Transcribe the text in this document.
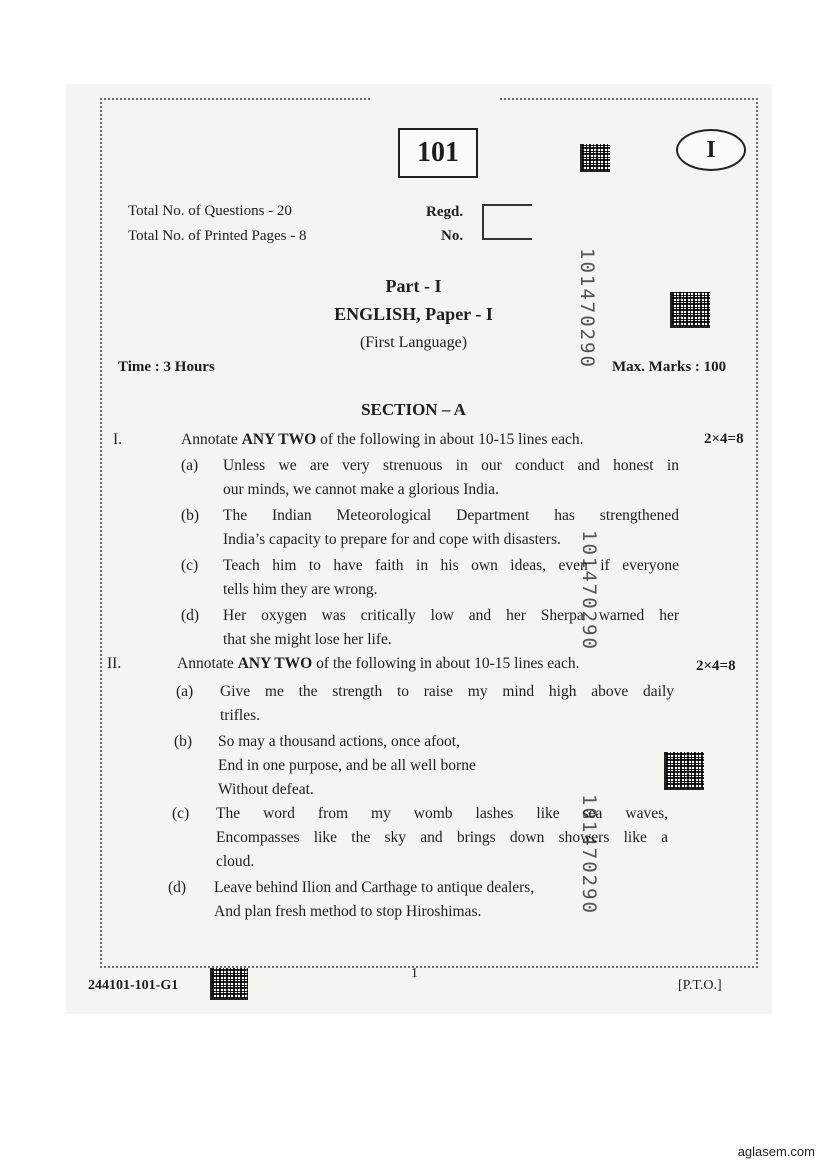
101	I
Total No. of Questions - 20
Total No. of Printed Pages - 8
Regd.
No.
101470290
101470290
101470290
Part - I
ENGLISH, Paper - I
(First Language)
Time : 3 Hours	Max. Marks : 100
SECTION – A
I.	Annotate ANY TWO of the following in about 10-15 lines each.	2×4=8
(a) Unless we are very strenuous in our conduct and honest in
our minds, we cannot make a glorious India.
(b) The Indian Meteorological Department has strengthened
India’s capacity to prepare for and cope with disasters.
(c) Teach him to have faith in his own ideas, even if everyone
tells him they are wrong.
(d) Her oxygen was critically low and her Sherpa warned her
that she might lose her life.
II.	Annotate ANY TWO of the following in about 10-15 lines each.	2×4=8
(a) Give me the strength to raise my mind high above daily
trifles.
(b) So may a thousand actions, once afoot,
End in one purpose, and be all well borne
Without defeat.
(c) The word from my womb lashes like sea waves,
Encompasses like the sky and brings down showers like a
cloud.
(d) Leave behind Ilion and Carthage to antique dealers,
And plan fresh method to stop Hiroshimas.
244101-101-G1
1
[P.T.O.]
aglasem.com
